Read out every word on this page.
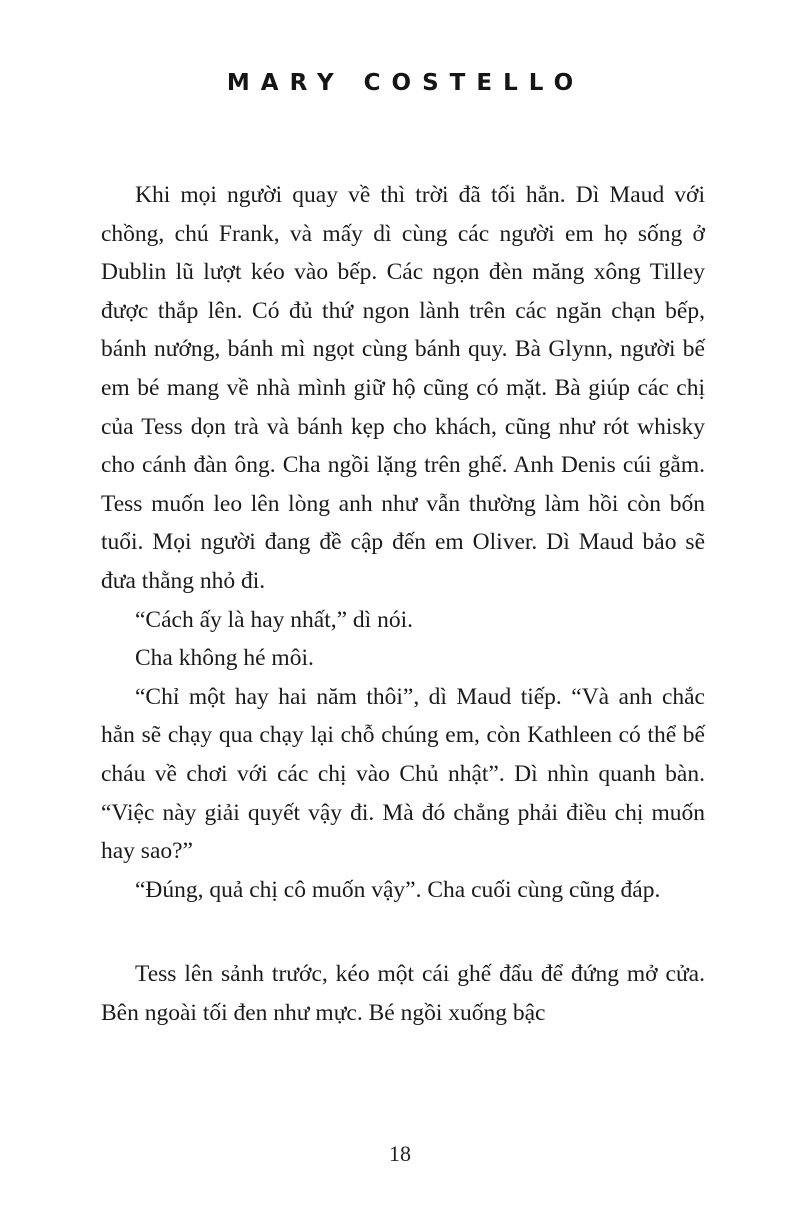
MARY COSTELLO

Khi mọi người quay về thì trời đã tối hẳn. Dì Maud với chồng, chú Frank, và mấy dì cùng các người em họ sống ở Dublin lũ lượt kéo vào bếp. Các ngọn đèn măng xông Tilley được thắp lên. Có đủ thứ ngon lành trên các ngăn chạn bếp, bánh nướng, bánh mì ngọt cùng bánh quy. Bà Glynn, người bế em bé mang về nhà mình giữ hộ cũng có mặt. Bà giúp các chị của Tess dọn trà và bánh kẹp cho khách, cũng như rót whisky cho cánh đàn ông. Cha ngồi lặng trên ghế. Anh Denis cúi gằm. Tess muốn leo lên lòng anh như vẫn thường làm hồi còn bốn tuổi. Mọi người đang đề cập đến em Oliver. Dì Maud bảo sẽ đưa thằng nhỏ đi.

“Cách ấy là hay nhất,” dì nói.

Cha không hé môi.

“Chỉ một hay hai năm thôi”, dì Maud tiếp. “Và anh chắc hẳn sẽ chạy qua chạy lại chỗ chúng em, còn Kathleen có thể bế cháu về chơi với các chị vào Chủ nhật”. Dì nhìn quanh bàn. “Việc này giải quyết vậy đi. Mà đó chẳng phải điều chị muốn hay sao?”

“Đúng, quả chị cô muốn vậy”. Cha cuối cùng cũng đáp.

Tess lên sảnh trước, kéo một cái ghế đẩu để đứng mở cửa. Bên ngoài tối đen như mực. Bé ngồi xuống bậc

18
